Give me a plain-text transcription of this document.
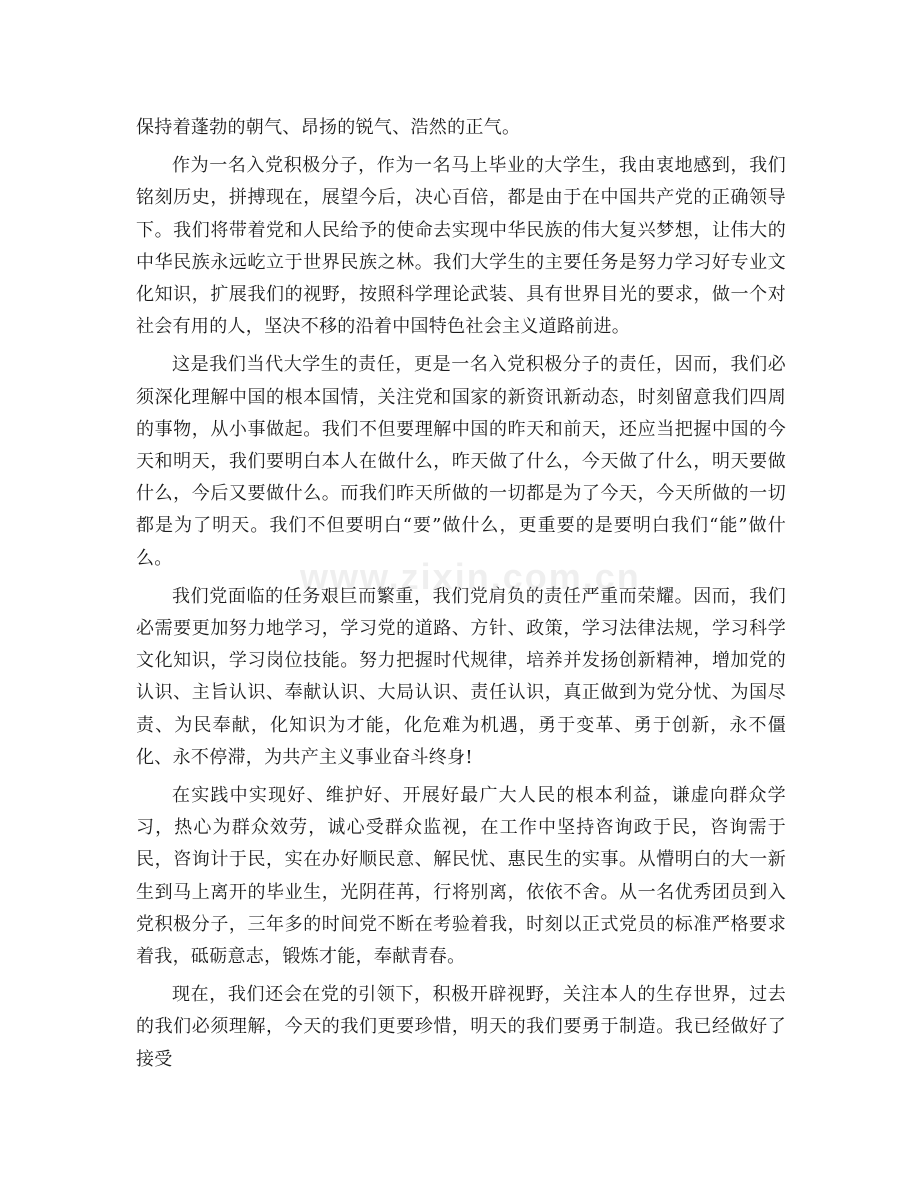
保持着蓬勃的朝气、昂扬的锐气、浩然的正气。

作为一名入党积极分子，作为一名马上毕业的大学生，我由衷地感到，我们铭刻历史，拼搏现在，展望今后，决心百倍，都是由于在中国共产党的正确领导下。我们将带着党和人民给予的使命去实现中华民族的伟大复兴梦想，让伟大的中华民族永远屹立于世界民族之林。我们大学生的主要任务是努力学习好专业文化知识，扩展我们的视野，按照科学理论武装、具有世界目光的要求，做一个对社会有用的人，坚决不移的沿着中国特色社会主义道路前进。

这是我们当代大学生的责任，更是一名入党积极分子的责任，因而，我们必须深化理解中国的根本国情，关注党和国家的新资讯新动态，时刻留意我们四周的事物，从小事做起。我们不但要理解中国的昨天和前天，还应当把握中国的今天和明天，我们要明白本人在做什么，昨天做了什么，今天做了什么，明天要做什么，今后又要做什么。而我们昨天所做的一切都是为了今天，今天所做的一切都是为了明天。我们不但要明白“要”做什么，更重要的是要明白我们“能”做什么。

我们党面临的任务艰巨而繁重，我们党肩负的责任严重而荣耀。因而，我们必需要更加努力地学习，学习党的道路、方针、政策，学习法律法规，学习科学文化知识，学习岗位技能。努力把握时代规律，培养并发扬创新精神，增加党的认识、主旨认识、奉献认识、大局认识、责任认识，真正做到为党分忧、为国尽责、为民奉献，化知识为才能，化危难为机遇，勇于变革、勇于创新，永不僵化、永不停滞，为共产主义事业奋斗终身!

在实践中实现好、维护好、开展好最广大人民的根本利益，谦虚向群众学习，热心为群众效劳，诚心受群众监视，在工作中坚持咨询政于民，咨询需于民，咨询计于民，实在办好顺民意、解民忧、惠民生的实事。从懵明白的大一新生到马上离开的毕业生，光阴荏苒，行将别离，依依不舍。从一名优秀团员到入党积极分子，三年多的时间党不断在考验着我，时刻以正式党员的标准严格要求着我，砥砺意志，锻炼才能，奉献青春。

现在，我们还会在党的引领下，积极开辟视野，关注本人的生存世界，过去的我们必须理解，今天的我们更要珍惜，明天的我们要勇于制造。我已经做好了接受

www.zixin.com.cn
